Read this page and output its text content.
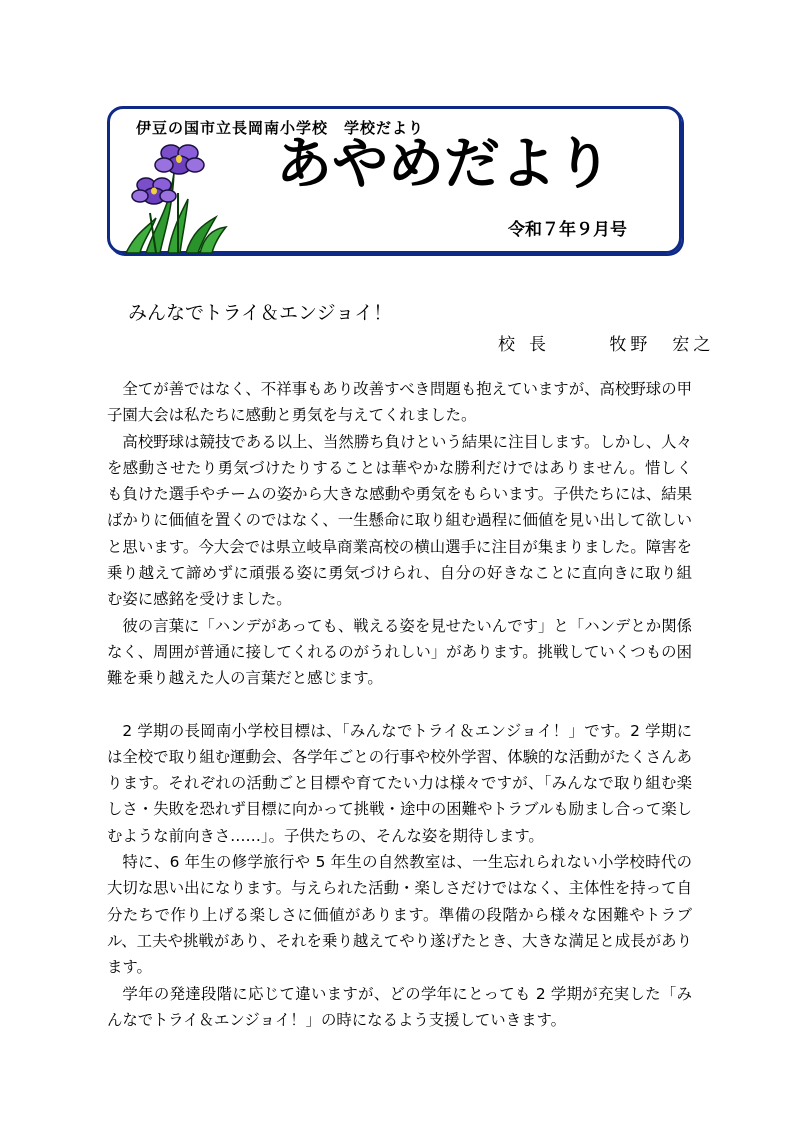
伊豆の国市立長岡南小学校　学校だより
あやめだより
令和７年９月号
みんなでトライ＆エンジョイ！
校長	牧野　宏之

全てが善ではなく、不祥事もあり改善すべき問題も抱えていますが、高校野球の甲子園大会は私たちに感動と勇気を与えてくれました。

高校野球は競技である以上、当然勝ち負けという結果に注目します。しかし、人々を感動させたり勇気づけたりすることは華やかな勝利だけではありません。惜しくも負けた選手やチームの姿から大きな感動や勇気をもらいます。子供たちには、結果ばかりに価値を置くのではなく、一生懸命に取り組む過程に価値を見い出して欲しいと思います。今大会では県立岐阜商業高校の横山選手に注目が集まりました。障害を乗り越えて諦めずに頑張る姿に勇気づけられ、自分の好きなことに直向きに取り組む姿に感銘を受けました。

彼の言葉に「ハンデがあっても、戦える姿を見せたいんです」と「ハンデとか関係なく、周囲が普通に接してくれるのがうれしい」があります。挑戦していくつもの困難を乗り越えた人の言葉だと感じます。

2 学期の長岡南小学校目標は、「みんなでトライ＆エンジョイ！」です。2 学期には全校で取り組む運動会、各学年ごとの行事や校外学習、体験的な活動がたくさんあります。それぞれの活動ごと目標や育てたい力は様々ですが、「みんなで取り組む楽しさ・失敗を恐れず目標に向かって挑戦・途中の困難やトラブルも励まし合って楽しむような前向きさ……」。子供たちの、そんな姿を期待します。

特に、6 年生の修学旅行や 5 年生の自然教室は、一生忘れられない小学校時代の大切な思い出になります。与えられた活動・楽しさだけではなく、主体性を持って自分たちで作り上げる楽しさに価値があります。準備の段階から様々な困難やトラブル、工夫や挑戦があり、それを乗り越えてやり遂げたとき、大きな満足と成長があります。

学年の発達段階に応じて違いますが、どの学年にとっても 2 学期が充実した「みんなでトライ＆エンジョイ！」の時になるよう支援していきます。
